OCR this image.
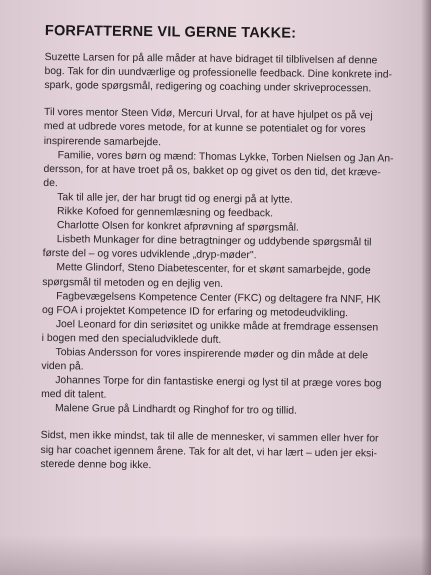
FORFATTERNE VIL GERNE TAKKE:
Suzette Larsen for på alle måder at have bidraget til tilblivelsen af denne
bog. Tak for din uundværlige og professionelle feedback. Dine konkrete ind-
spark, gode spørgsmål, redigering og coaching under skriveprocessen.
Til vores mentor Steen Vidø, Mercuri Urval, for at have hjulpet os på vej
med at udbrede vores metode, for at kunne se potentialet og for vores
inspirerende samarbejde.
Familie, vores børn og mænd: Thomas Lykke, Torben Nielsen og Jan An-
dersson, for at have troet på os, bakket op og givet os den tid, det kræve-
de.
Tak til alle jer, der har brugt tid og energi på at lytte.
Rikke Kofoed for gennemlæsning og feedback.
Charlotte Olsen for konkret afprøvning af spørgsmål.
Lisbeth Munkager for dine betragtninger og uddybende spørgsmål til
første del – og vores udviklende „dryp-møder".
Mette Glindorf, Steno Diabetescenter, for et skønt samarbejde, gode
spørgsmål til metoden og en dejlig ven.
Fagbevægelsens Kompetence Center (FKC) og deltagere fra NNF, HK
og FOA i projektet Kompetence ID for erfaring og metodeudvikling.
Joel Leonard for din seriøsitet og unikke måde at fremdrage essensen
i bogen med den specialudviklede duft.
Tobias Andersson for vores inspirerende møder og din måde at dele
viden på.
Johannes Torpe for din fantastiske energi og lyst til at præge vores bog
med dit talent.
Malene Grue på Lindhardt og Ringhof for tro og tillid.
Sidst, men ikke mindst, tak til alle de mennesker, vi sammen eller hver for
sig har coachet igennem årene. Tak for alt det, vi har lært – uden jer eksi-
sterede denne bog ikke.
